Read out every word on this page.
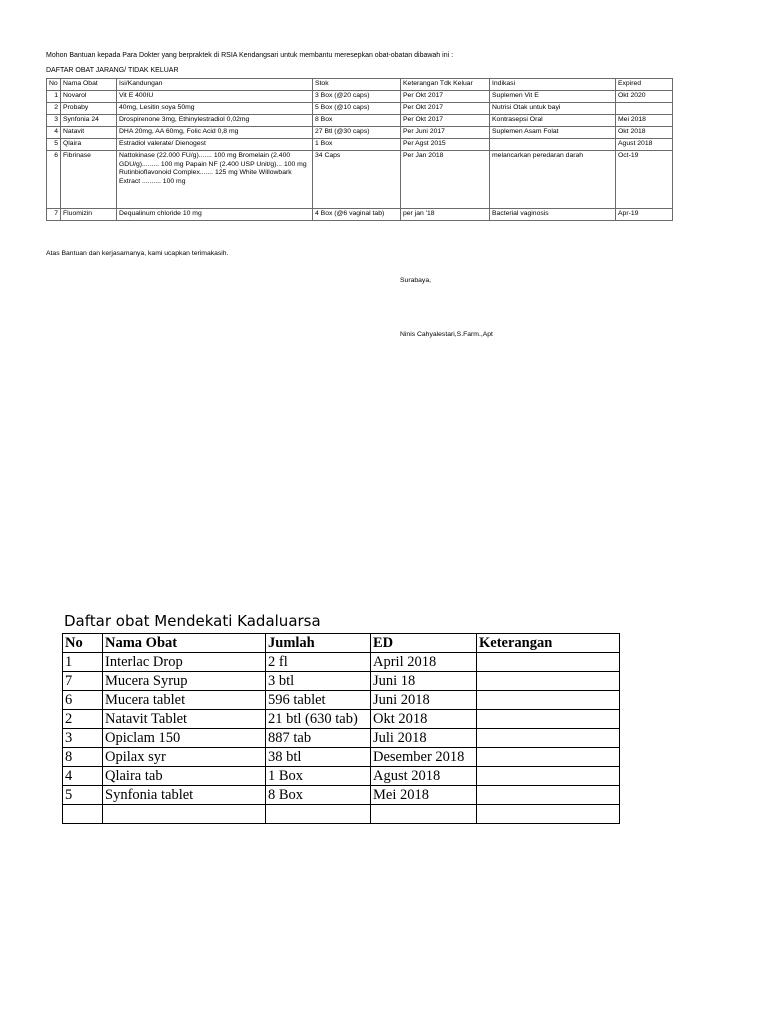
Mohon Bantuan kepada Para Dokter yang berpraktek di RSIA Kendangsari untuk membantu meresepkan obat-obatan dibawah ini :
DAFTAR OBAT JARANG/ TIDAK KELUAR
No	Nama Obat	Isi/Kandungan	Stok	Keterangan Tdk Keluar	Indikasi	Expired
1	Novarol	Vit E 400IU	3 Box (@20 caps)	Per Okt 2017	Suplemen Vit E	Okt 2020
2	Probaby	40mg, Lesitin soya 50mg	5 Box (@10 caps)	Per Okt 2017	Nutrisi Otak untuk bayi	
3	Synfonia 24	Drospirenone 3mg, Ethinylestradiol 0,02mg	8 Box	Per Okt 2017	Kontrasepsi Oral	Mei 2018
4	Natavit	DHA 20mg, AA 60mg, Folic Acid 0,8 mg	27 Btl (@30 caps)	Per Juni 2017	Suplemen Asam Folat	Okt 2018
5	Qlaira	Estradiol valerate/ Dienogest	1 Box	Per Agst 2015		Agust 2018
6	Fibrinase	Nattokinase (22.000 FU/g)....... 100 mg Bromelain (2.400 GDU/g)......... 100 mg Papain NF (2.400 USP Unit/g)... 100 mg Rutinbioflavonoid Complex....... 125 mg White Willowbark Extract .......... 100 mg	34 Caps	Per Jan 2018	melancarkan peredaran darah	Oct-19
7	Fluomizin	Dequalinum chloride 10 mg	4 Box (@6 vaginal tab)	per jan '18	Bacterial vaginosis	Apr-19
Atas Bantuan dan kerjasamanya, kami ucapkan terimakasih.
Surabaya,
Ninis Cahyalestari,S.Farm.,Apt
Daftar obat Mendekati Kadaluarsa
No	Nama Obat	Jumlah	ED	Keterangan
1	Interlac Drop	2 fl	April 2018	
7	Mucera Syrup	3 btl	Juni 18	
6	Mucera tablet	596 tablet	Juni 2018	
2	Natavit Tablet	21 btl (630 tab)	Okt 2018	
3	Opiclam 150	887 tab	Juli 2018	
8	Opilax syr	38 btl	Desember 2018	
4	Qlaira tab	1 Box	Agust 2018	
5	Synfonia tablet	8 Box	Mei 2018	
